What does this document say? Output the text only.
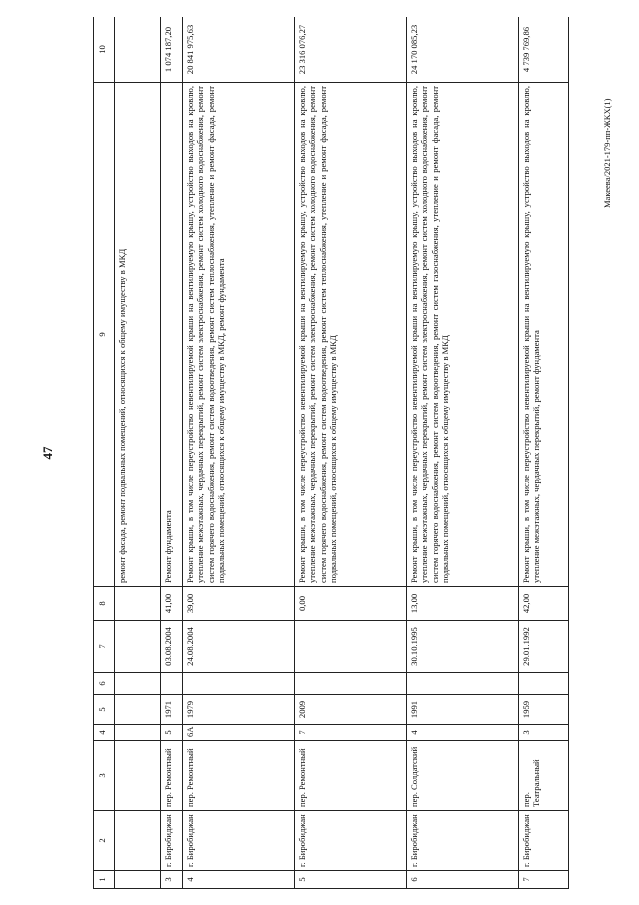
47
1	2	3	4	5	6	7	8	9	10
								ремонт фасада, ремонт подвальных помещений, относящихся к общему имуществу в МКД	
3	г. Биробиджан	пер. Ремонтный	5	1971		03.08.2004	41,00	Ремонт фундамента	1 074 187,20
4	г. Биробиджан	пер. Ремонтный	6А	1979		24.08.2004	39,00	Ремонт крыши, в том числе переустройство невентилируемой крыши на вентилируемую крышу, устройство выходов на кровлю, утепление межэтажных, чердачных перекрытий, ремонт систем электроснабжения, ремонт систем холодного водоснабжения, ремонт систем горячего водоснабжения, ремонт систем водоотведения, ремонт систем теплоснабжения, утепление и ремонт фасада, ремонт подвальных помещений, относящихся к общему имуществу в МКД, ремонт фундамента	20 841 975,63
5	г. Биробиджан	пер. Ремонтный	7	2009			0,00	Ремонт крыши, в том числе переустройство невентилируемой крыши на вентилируемую крышу, устройство выходов на кровлю, утепление межэтажных, чердачных перекрытий, ремонт систем электроснабжения, ремонт систем холодного водоснабжения, ремонт систем горячего водоснабжения, ремонт систем водоотведения, ремонт систем теплоснабжения, утепление и ремонт фасада, ремонт подвальных помещений, относящихся к общему имуществу в МКД	23 316 076,27
6	г. Биробиджан	пер. Солдатский	4	1991		30.10.1995	13,00	Ремонт крыши, в том числе переустройство невентилируемой крыши на вентилируемую крышу, устройство выходов на кровлю, утепление межэтажных, чердачных перекрытий, ремонт систем электроснабжения, ремонт систем холодного водоснабжения, ремонт систем горячего водоснабжения, ремонт систем водоотведения, ремонт систем газоснабжения, утепление и ремонт фасада, ремонт подвальных помещений, относящихся к общему имуществу в МКД	24 170 085,23
7	г. Биробиджан	пер. Театральный	3	1959		29.01.1992	42,00	Ремонт крыши, в том числе переустройство невентилируемой крыши на вентилируемую крышу, устройство выходов на кровлю, утепление межэтажных, чердачных перекрытий, ремонт фундамента	4 739 769,86
Макеева/2021-179-пп-ЖКХ(1)
